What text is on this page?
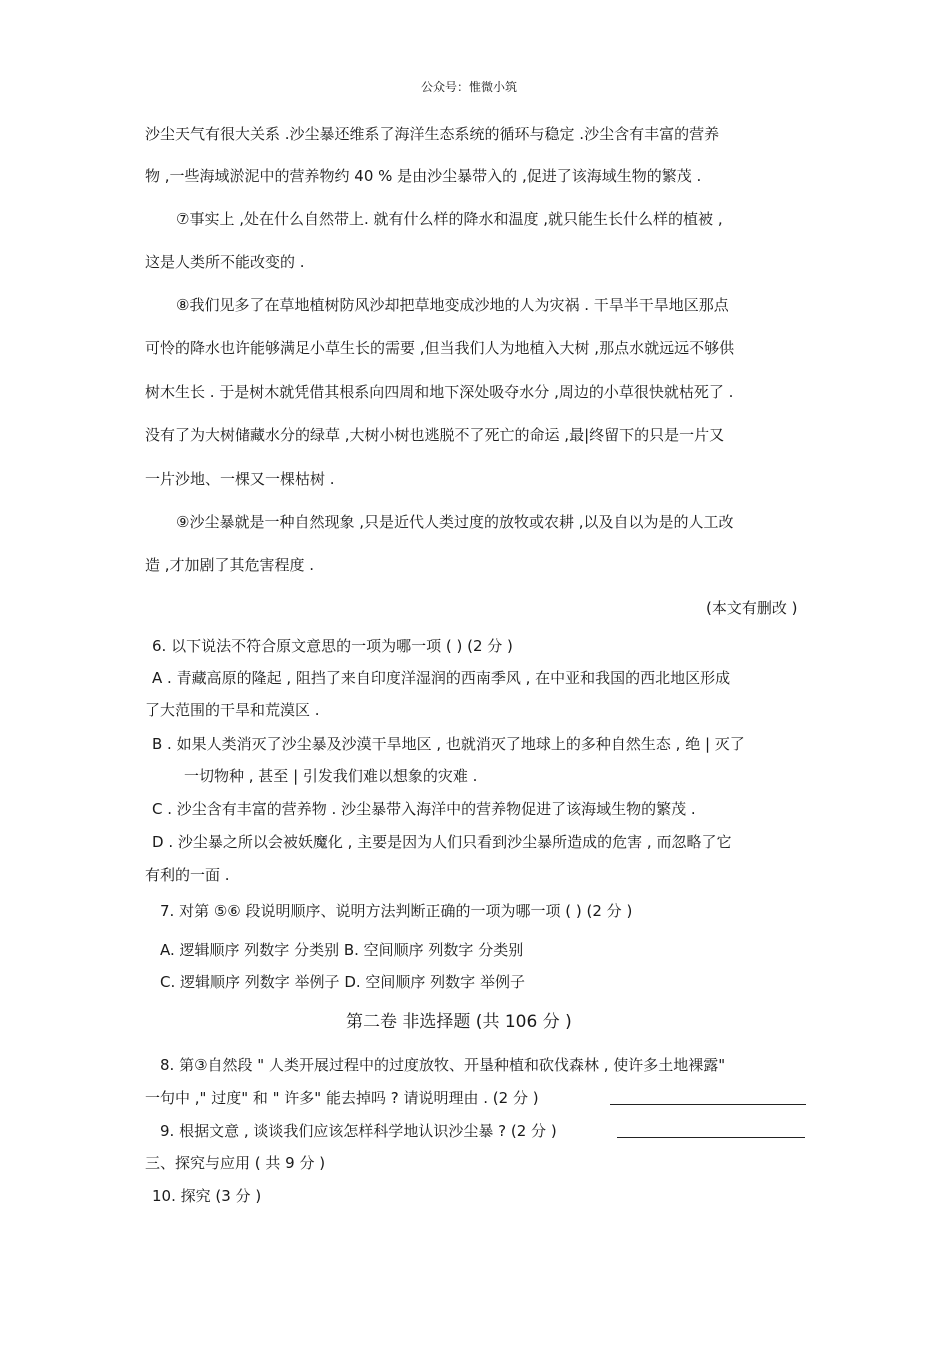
公众号：惟微小筑
沙尘天气有很大关系 .沙尘暴还维系了海洋生态系统的循环与稳定 .沙尘含有丰富的营养
物 ,一些海域淤泥中的营养物约 40 % 是由沙尘暴带入的 ,促进了该海域生物的繁茂 .
⑦事实上 ,处在什么自然带上. 就有什么样的降水和温度 ,就只能生长什么样的植被 ,
这是人类所不能改变的 .
⑧我们见多了在草地植树防风沙却把草地变成沙地的人为灾祸 . 干旱半干旱地区那点
可怜的降水也许能够满足小草生长的需要 ,但当我们人为地植入大树 ,那点水就远远不够供
树木生长 . 于是树木就凭借其根系向四周和地下深处吸夺水分 ,周边的小草很快就枯死了 .
没有了为大树储藏水分的绿草 ,大树小树也逃脱不了死亡的命运 ,最|终留下的只是一片又
一片沙地、一棵又一棵枯树 .
⑨沙尘暴就是一种自然现象 ,只是近代人类过度的放牧或农耕 ,以及自以为是的人工改
造 ,才加剧了其危害程度 .
(本文有删改 )
6. 以下说法不符合原文意思的一项为哪一项 ( ) (2 分 )
A . 青藏高原的隆起 , 阻挡了来自印度洋湿润的西南季风 , 在中亚和我国的西北地区形成
了大范围的干旱和荒漠区 .
B . 如果人类消灭了沙尘暴及沙漠干旱地区 , 也就消灭了地球上的多种自然生态 , 绝 | 灭了
一切物种 , 甚至 | 引发我们难以想象的灾难 .
C . 沙尘含有丰富的营养物 . 沙尘暴带入海洋中的营养物促进了该海域生物的繁茂 .
D . 沙尘暴之所以会被妖魔化 , 主要是因为人们只看到沙尘暴所造成的危害 , 而忽略了它
有利的一面 .
7. 对第 ⑤⑥ 段说明顺序、说明方法判断正确的一项为哪一项 ( ) (2 分 )
A. 逻辑顺序 列数字 分类别 B. 空间顺序 列数字 分类别
C. 逻辑顺序 列数字 举例子 D. 空间顺序 列数字 举例子
第二卷 非选择题 (共 106 分 )
8. 第③自然段 " 人类开展过程中的过度放牧、开垦种植和砍伐森林 , 使许多土地裸露"
一句中 ," 过度" 和 " 许多" 能去掉吗 ? 请说明理由 . (2 分 )
9. 根据文意 , 谈谈我们应该怎样科学地认识沙尘暴 ? (2 分 )
三、探究与应用 ( 共 9 分 )
10. 探究 (3 分 )
